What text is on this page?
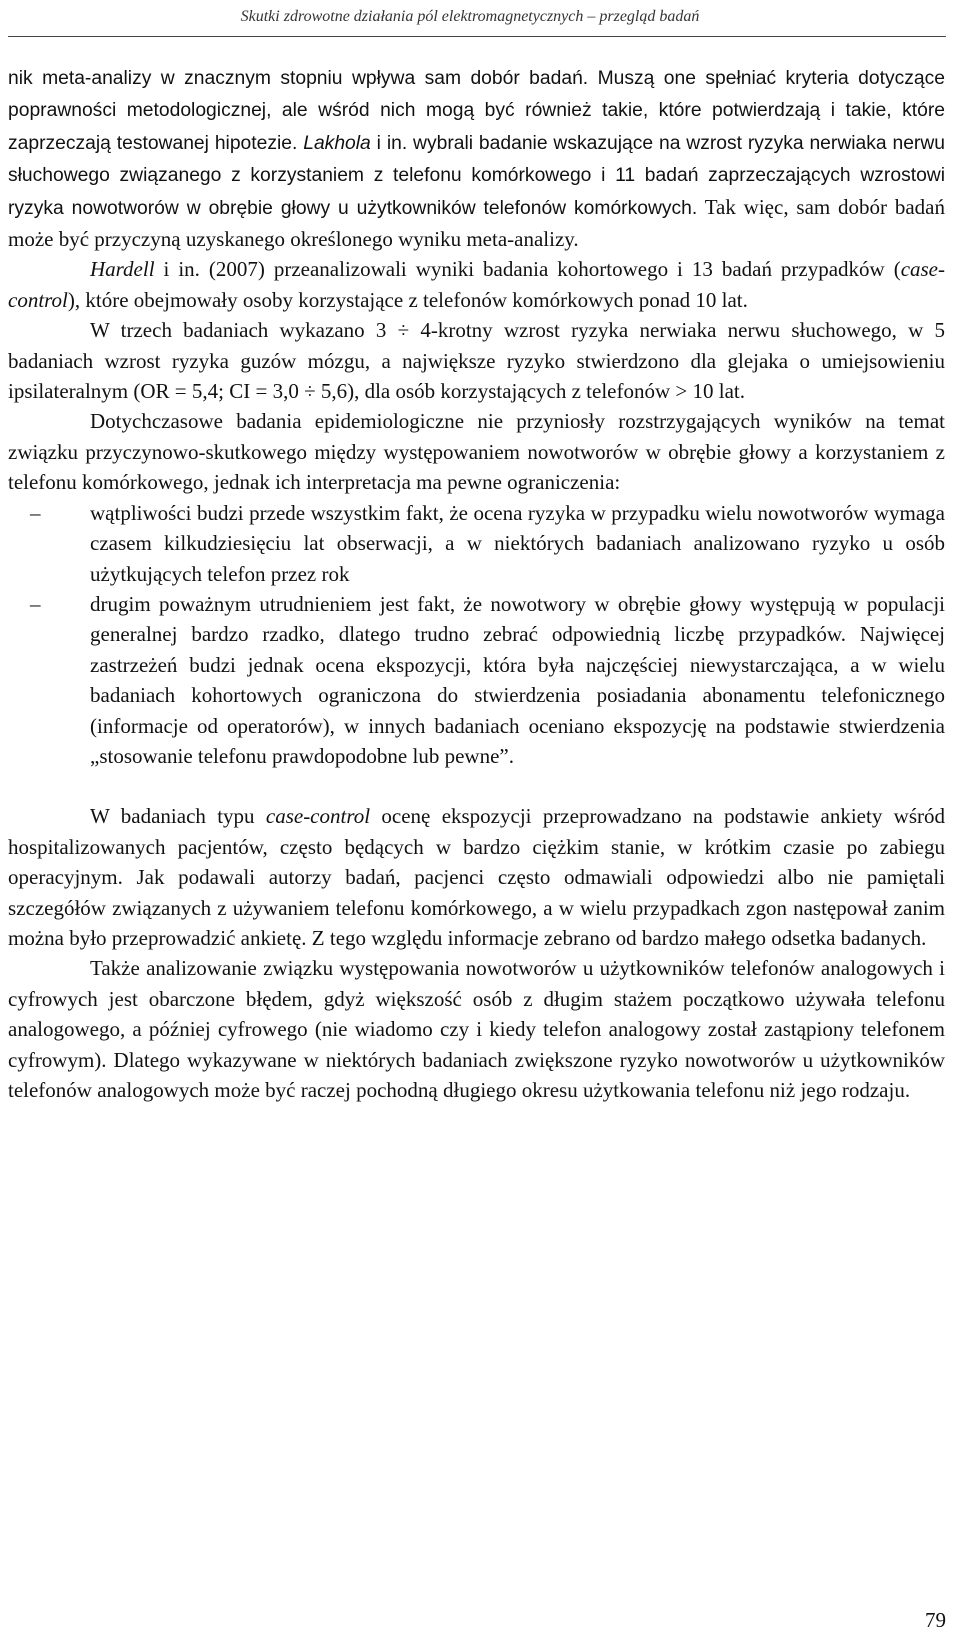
Skutki zdrowotne działania pól elektromagnetycznych – przegląd badań

nik meta-analizy w znacznym stopniu wpływa sam dobór badań. Muszą one spełniać kryteria dotyczące poprawności metodologicznej, ale wśród nich mogą być również takie, które potwierdzają i takie, które zaprzeczają testowanej hipotezie. Lakhola i in. wybrali badanie wskazujące na wzrost ryzyka nerwiaka nerwu słuchowego związanego z korzystaniem z telefonu komórkowego i 11 badań zaprzeczających wzrostowi ryzyka nowotworów w obrębie głowy u użytkowników telefonów komórkowych. Tak więc, sam dobór badań może być przyczyną uzyskanego określonego wyniku meta-analizy.

Hardell i in. (2007) przeanalizowali wyniki badania kohortowego i 13 badań przypadków (case-control), które obejmowały osoby korzystające z telefonów komórkowych ponad 10 lat.

W trzech badaniach wykazano 3 ÷ 4-krotny wzrost ryzyka nerwiaka nerwu słuchowego, w 5 badaniach wzrost ryzyka guzów mózgu, a największe ryzyko stwierdzono dla glejaka o umiejsowieniu ipsilateralnym (OR = 5,4; CI = 3,0 ÷ 5,6), dla osób korzystających z telefonów > 10 lat.

Dotychczasowe badania epidemiologiczne nie przyniosły rozstrzygających wyników na temat związku przyczynowo-skutkowego między występowaniem nowotworów w obrębie głowy a korzystaniem z telefonu komórkowego, jednak ich interpretacja ma pewne ograniczenia:

– wątpliwości budzi przede wszystkim fakt, że ocena ryzyka w przypadku wielu nowotworów wymaga czasem kilkudziesięciu lat obserwacji, a w niektórych badaniach analizowano ryzyko u osób użytkujących telefon przez rok

– drugim poważnym utrudnieniem jest fakt, że nowotwory w obrębie głowy występują w populacji generalnej bardzo rzadko, dlatego trudno zebrać odpowiednią liczbę przypadków. Najwięcej zastrzeżeń budzi jednak ocena ekspozycji, która była najczęściej niewystarczająca, a w wielu badaniach kohortowych ograniczona do stwierdzenia posiadania abonamentu telefonicznego (informacje od operatorów), w innych badaniach oceniano ekspozycję na podstawie stwierdzenia „stosowanie telefonu prawdopodobne lub pewne”.

W badaniach typu case-control ocenę ekspozycji przeprowadzano na podstawie ankiety wśród hospitalizowanych pacjentów, często będących w bardzo ciężkim stanie, w krótkim czasie po zabiegu operacyjnym. Jak podawali autorzy badań, pacjenci często odmawiali odpowiedzi albo nie pamiętali szczegółów związanych z używaniem telefonu komórkowego, a w wielu przypadkach zgon następował zanim można było przeprowadzić ankietę. Z tego względu informacje zebrano od bardzo małego odsetka badanych.

Także analizowanie związku występowania nowotworów u użytkowników telefonów analogowych i cyfrowych jest obarczone błędem, gdyż większość osób z długim stażem początkowo używała telefonu analogowego, a później cyfrowego (nie wiadomo czy i kiedy telefon analogowy został zastąpiony telefonem cyfrowym). Dlatego wykazywane w niektórych badaniach zwiększone ryzyko nowotworów u użytkowników telefonów analogowych może być raczej pochodną długiego okresu użytkowania telefonu niż jego rodzaju.

79
